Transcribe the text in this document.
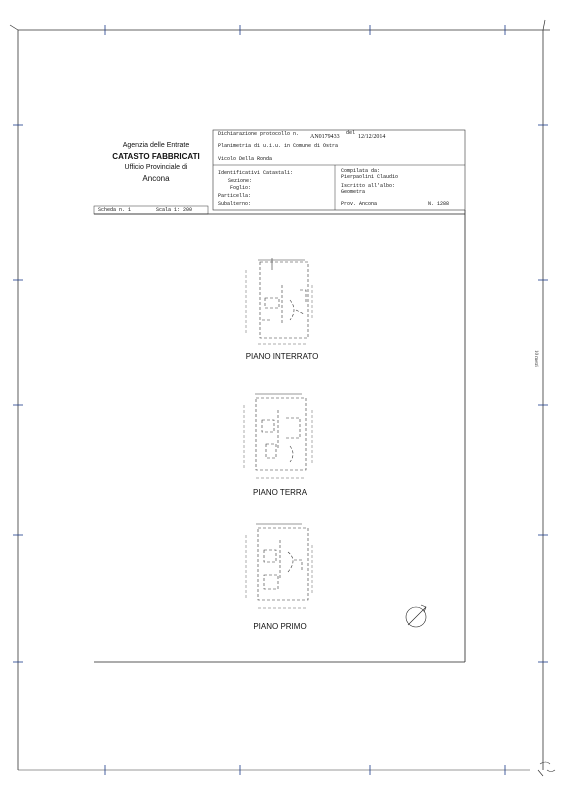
Agenzia delle Entrate
CATASTO FABBRICATI
Ufficio Provinciale di
Ancona
Dichiarazione protocollo n. AN0179433
del
12/12/2014
Planimetria di u.i.u. in Comune di Ostra
Vicolo Della Ronda
Identificativi Catastali:
Sezione:
Foglio:
Particella:
Subalterno:
Compilata da:
Pierpaolini Claudio
Iscritto all'albo:
Geometra
Prov. Ancona	N. 1288
Scheda n. 1	Scala 1: 200
PIANO INTERRATO
PIANO TERRA
PIANO PRIMO
10 metri
